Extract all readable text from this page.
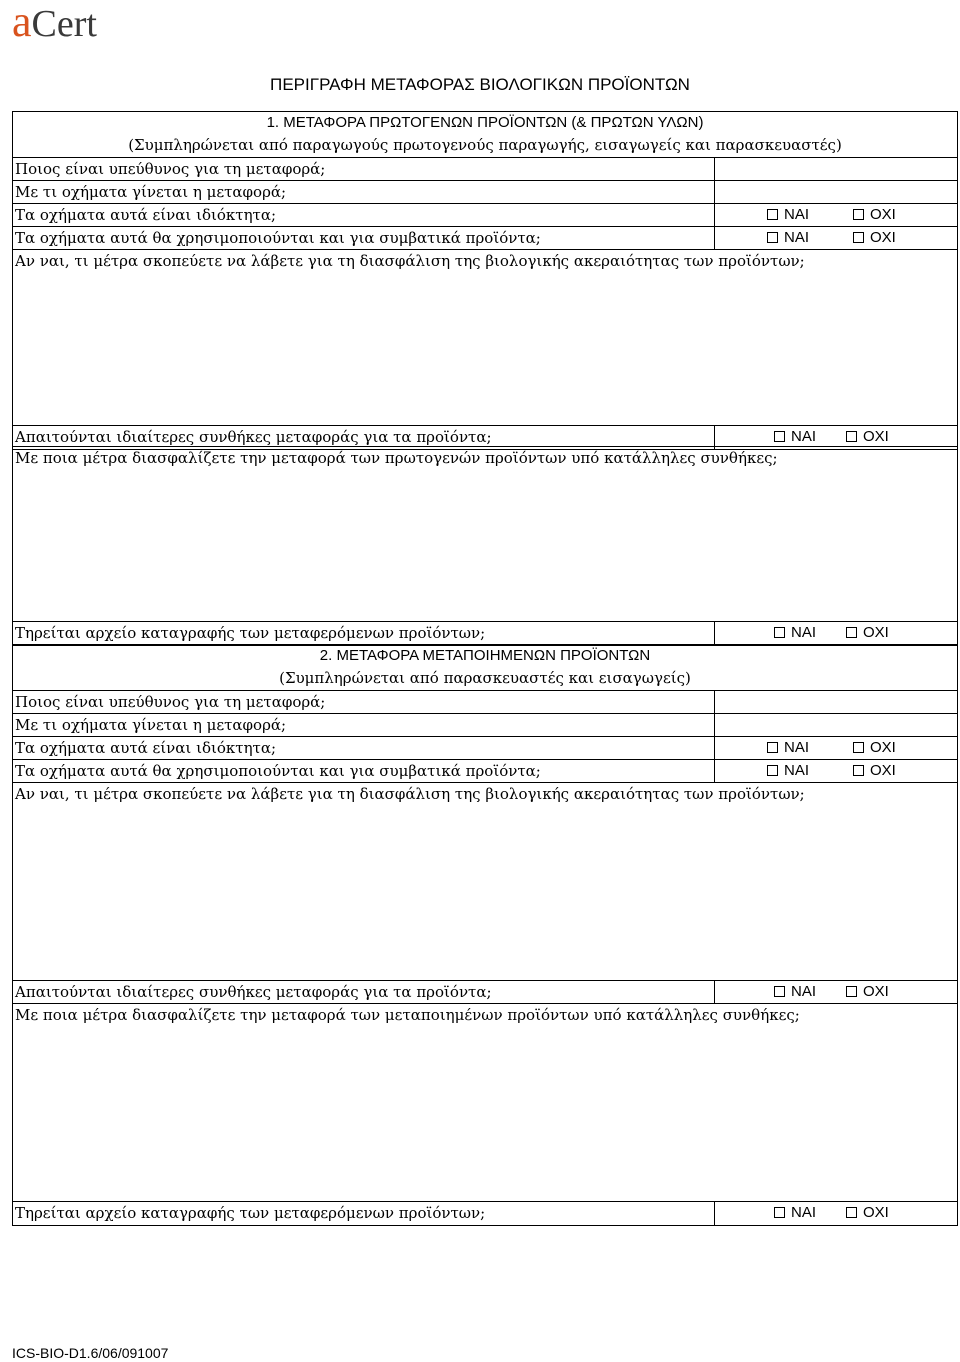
aCert
ΠΕΡΙΓΡΑΦΗ ΜΕΤΑΦΟΡΑΣ ΒΙΟΛΟΓΙΚΩΝ ΠΡΟΪΟΝΤΩΝ
1. ΜΕΤΑΦΟΡΑ ΠΡΩΤΟΓΕΝΩΝ ΠΡΟΪΟΝΤΩΝ (& ΠΡΩΤΩΝ ΥΛΩΝ)
(Συμπληρώνεται από παραγωγούς πρωτογενούς παραγωγής, εισαγωγείς και παρασκευαστές)
Ποιος είναι υπεύθυνος για τη μεταφορά;
Με τι οχήματα γίνεται η μεταφορά;
Τα οχήματα αυτά είναι ιδιόκτητα;	ΝΑΙ	ΟΧΙ
Τα οχήματα αυτά θα χρησιμοποιούνται και για συμβατικά προϊόντα;	ΝΑΙ	ΟΧΙ
Αν ναι, τι μέτρα σκοπεύετε να λάβετε για τη διασφάλιση της βιολογικής ακεραιότητας των προϊόντων;
Απαιτούνται ιδιαίτερες συνθήκες μεταφοράς για τα προϊόντα;	ΝΑΙ	ΟΧΙ
Με ποια μέτρα διασφαλίζετε την μεταφορά των πρωτογενών προϊόντων υπό κατάλληλες συνθήκες;
Τηρείται αρχείο καταγραφής των μεταφερόμενων προϊόντων;	ΝΑΙ	ΟΧΙ
2. ΜΕΤΑΦΟΡΑ ΜΕΤΑΠΟΙΗΜΕΝΩΝ ΠΡΟΪΟΝΤΩΝ
(Συμπληρώνεται από παρασκευαστές και εισαγωγείς)
Ποιος είναι υπεύθυνος για τη μεταφορά;
Με τι οχήματα γίνεται η μεταφορά;
Τα οχήματα αυτά είναι ιδιόκτητα;	ΝΑΙ	ΟΧΙ
Τα οχήματα αυτά θα χρησιμοποιούνται και για συμβατικά προϊόντα;	ΝΑΙ	ΟΧΙ
Αν ναι, τι μέτρα σκοπεύετε να λάβετε για τη διασφάλιση της βιολογικής ακεραιότητας των προϊόντων;
Απαιτούνται ιδιαίτερες συνθήκες μεταφοράς για τα προϊόντα;	ΝΑΙ	ΟΧΙ
Με ποια μέτρα διασφαλίζετε την μεταφορά των μεταποιημένων προϊόντων υπό κατάλληλες συνθήκες;
Τηρείται αρχείο καταγραφής των μεταφερόμενων προϊόντων;	ΝΑΙ	ΟΧΙ
ICS-BIO-D1.6/06/091007
